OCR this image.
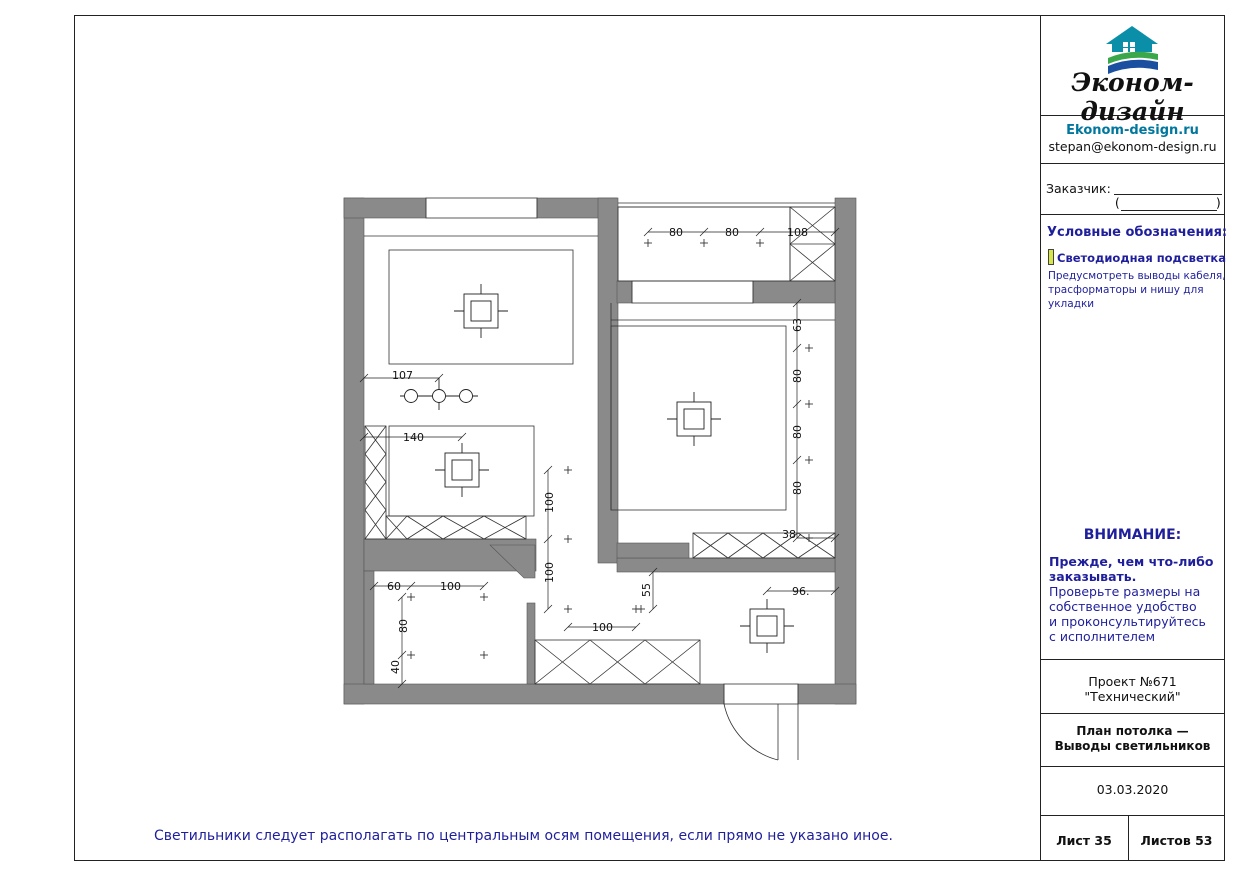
Эконом-дизайн
Ekonom-design.ru
stepan@ekonom-design.ru
Заказчик:
(	)
Условные обозначения:
Светодиодная подсветка
Предусмотреть выводы кабеля,
трасформаторы и нишу для
укладки
ВНИМАНИЕ:
Прежде, чем что-либо
заказывать.
Проверьте размеры на
собственное удобство
и проконсультируйтесь
с исполнителем
Проект №671
"Технический"
План потолка —
Выводы светильников
03.03.2020
Лист 35	Листов 53
Светильники следует располагать по центральным осям помещения, если прямо не указано иное.
80	80	108
63
80
80
80
38
107
140
100
100
55	96.
60	100
80
40
100
